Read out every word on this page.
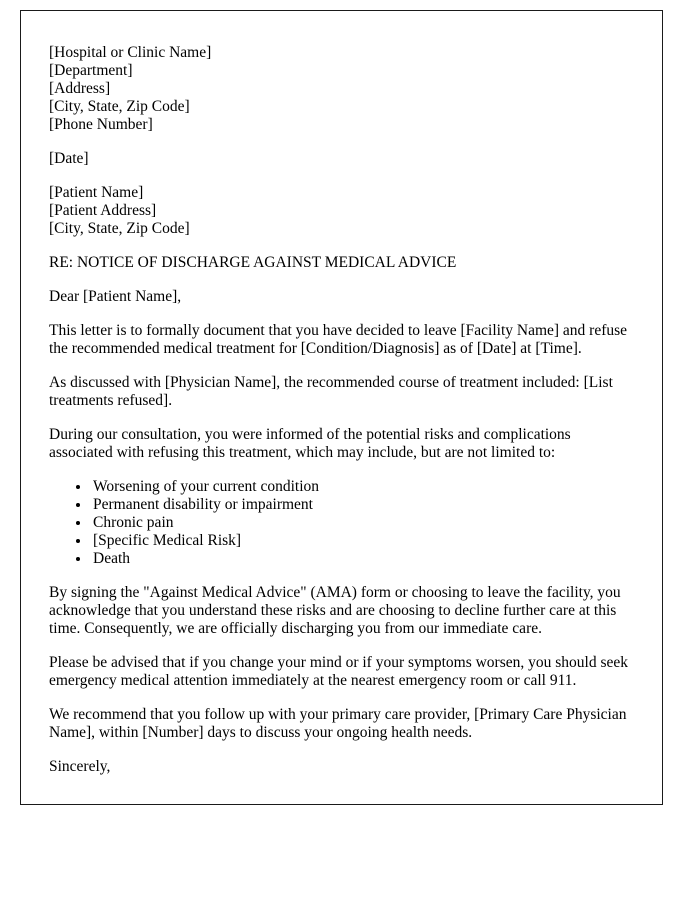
[Hospital or Clinic Name]

[Department]

[Address]

[City, State, Zip Code]

[Phone Number]

[Date]

[Patient Name]

[Patient Address]

[City, State, Zip Code]

RE: NOTICE OF DISCHARGE AGAINST MEDICAL ADVICE

Dear [Patient Name],

This letter is to formally document that you have decided to leave [Facility Name] and refuse the recommended medical treatment for [Condition/Diagnosis] as of [Date] at [Time].

As discussed with [Physician Name], the recommended course of treatment included: [List treatments refused].

During our consultation, you were informed of the potential risks and complications associated with refusing this treatment, which may include, but are not limited to:

• Worsening of your current condition
• Permanent disability or impairment
• Chronic pain
• [Specific Medical Risk]
• Death

By signing the "Against Medical Advice" (AMA) form or choosing to leave the facility, you acknowledge that you understand these risks and are choosing to decline further care at this time. Consequently, we are officially discharging you from our immediate care.

Please be advised that if you change your mind or if your symptoms worsen, you should seek emergency medical attention immediately at the nearest emergency room or call 911.

We recommend that you follow up with your primary care provider, [Primary Care Physician Name], within [Number] days to discuss your ongoing health needs.

Sincerely,
